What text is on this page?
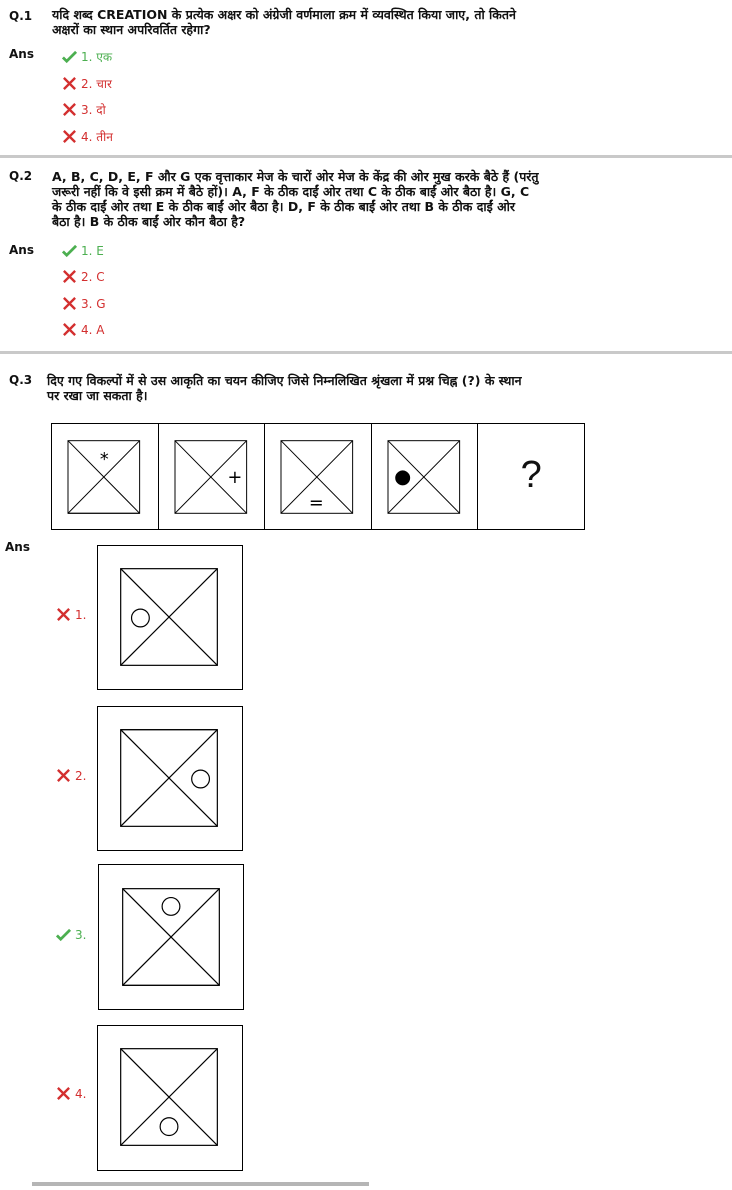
Q.1 यदि शब्द CREATION के प्रत्येक अक्षर को अंग्रेजी वर्णमाला क्रम में व्यवस्थित किया जाए, तो कितने
अक्षरों का स्थान अपरिवर्तित रहेगा?
Ans	1. एक
2. चार
3. दो
4. तीन
Q.2 A, B, C, D, E, F और G एक वृत्ताकार मेज के चारों ओर मेज के केंद्र की ओर मुख करके बैठे हैं (परंतु
जरूरी नहीं कि वे इसी क्रम में बैठे हों)। A, F के ठीक दाईं ओर तथा C के ठीक बाईं ओर बैठा है। G, C
के ठीक दाईं ओर तथा E के ठीक बाईं ओर बैठा है। D, F के ठीक बाईं ओर तथा B के ठीक दाईं ओर
बैठा है। B के ठीक बाईं ओर कौन बैठा है?
Ans	1. E
2. C
3. G
4. A
Q.3 दिए गए विकल्पों में से उस आकृति का चयन कीजिए जिसे निम्नलिखित श्रृंखला में प्रश्न चिह्न (?) के स्थान
पर रखा जा सकता है।
*
+
=
●	?
Ans
1.
2.
3.
4.
